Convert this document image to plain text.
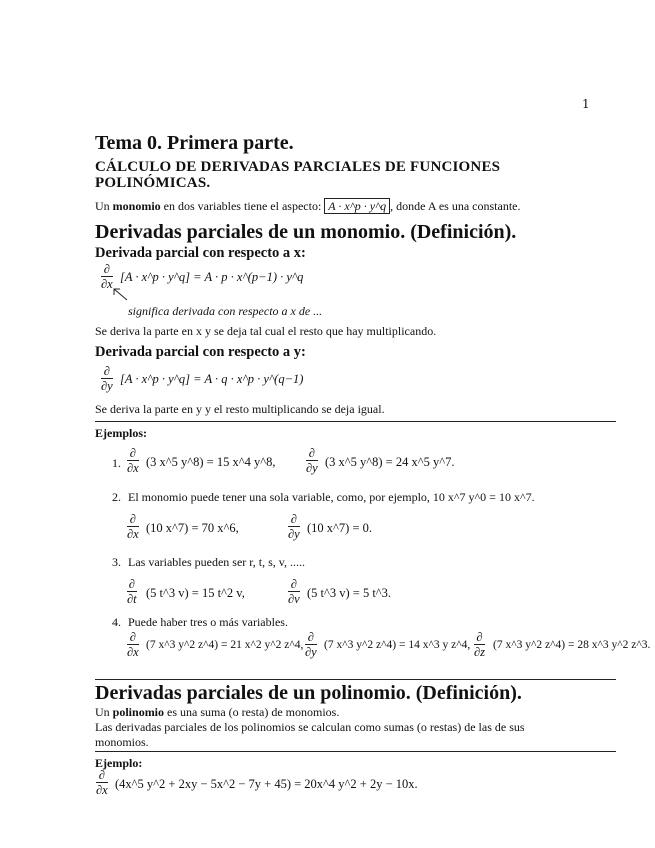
1
Tema 0. Primera parte.
CÁLCULO DE DERIVADAS PARCIALES DE FUNCIONES
POLINÓMICAS.
Un monomio en dos variables tiene el aspecto: A · x^p · y^q , donde A es una constante.
Derivadas parciales de un monomio. (Definición).
Derivada parcial con respecto a x:
∂
∂x [A · x^p · y^q] = A · p · x^(p−1) · y^q
significa derivada con respecto a x de ...
Se deriva la parte en x y se deja tal cual el resto que hay multiplicando.
Derivada parcial con respecto a y:
∂
∂y [A · x^p · y^q] = A · q · x^p · y^(q−1)
Se deriva la parte en y y el resto multiplicando se deja igual.
Ejemplos:
1.
∂
∂x (3 x^5 y^8) = 15 x^4 y^8,
∂
∂y (3 x^5 y^8) = 24 x^5 y^7.
2. El monomio puede tener una sola variable, como, por ejemplo, 10 x^7 y^0 = 10 x^7.
∂
∂x (10 x^7) = 70 x^6,
∂
∂y (10 x^7) = 0.
3. Las variables pueden ser r, t, s, v, .....
∂
∂t (5 t^3 v) = 15 t^2 v,
∂
∂v (5 t^3 v) = 5 t^3.
4. Puede haber tres o más variables.
∂
∂x (7 x^3 y^2 z^4) = 21 x^2 y^2 z^4,
∂
∂y (7 x^3 y^2 z^4) = 14 x^3 y z^4,
∂
∂z (7 x^3 y^2 z^4) = 28 x^3 y^2 z^3.
Derivadas parciales de un polinomio. (Definición).
Un polinomio es una suma (o resta) de monomios.
Las derivadas parciales de los polinomios se calculan como sumas (o restas) de las de sus
monomios.
Ejemplo:
∂
∂x (4x^5 y^2 + 2xy − 5x^2 − 7y + 45) = 20x^4 y^2 + 2y − 10x.
